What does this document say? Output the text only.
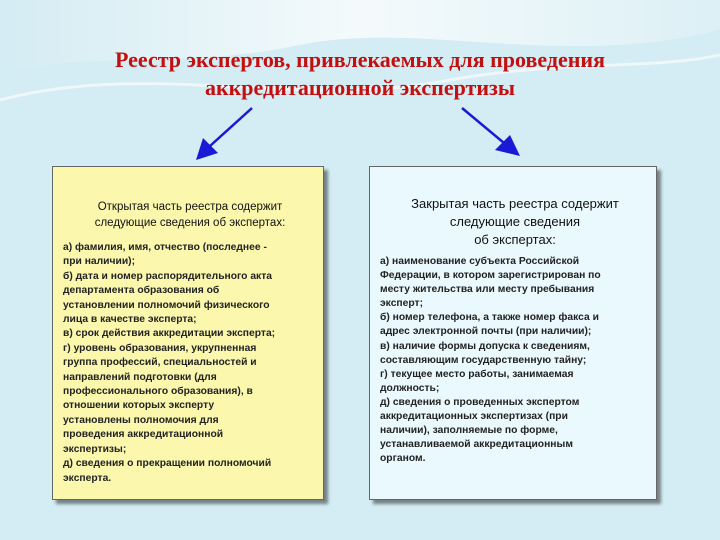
Реестр экспертов, привлекаемых для проведения
аккредитационной экспертизы
Открытая часть реестра содержит
следующие сведения об экспертах:
а) фамилия, имя, отчество (последнее -
при наличии);
б) дата и номер распорядительного акта
департамента образования об
установлении полномочий физического
лица в качестве эксперта;
в) срок действия аккредитации эксперта;
г) уровень образования, укрупненная
группа профессий, специальностей и
направлений подготовки (для
профессионального образования), в
отношении которых эксперту
установлены полномочия для
проведения аккредитационной
экспертизы;
д) сведения о прекращении полномочий
эксперта.
Закрытая часть реестра содержит
следующие сведения
об экспертах:
а) наименование субъекта Российской
Федерации, в котором зарегистрирован по
месту жительства или месту пребывания
эксперт;
б) номер телефона, а также номер факса и
адрес электронной почты (при наличии);
в) наличие формы допуска к сведениям,
составляющим государственную тайну;
г) текущее место работы, занимаемая
должность;
д) сведения о проведенных экспертом
аккредитационных экспертизах (при
наличии), заполняемые по форме,
устанавливаемой аккредитационным
органом.
